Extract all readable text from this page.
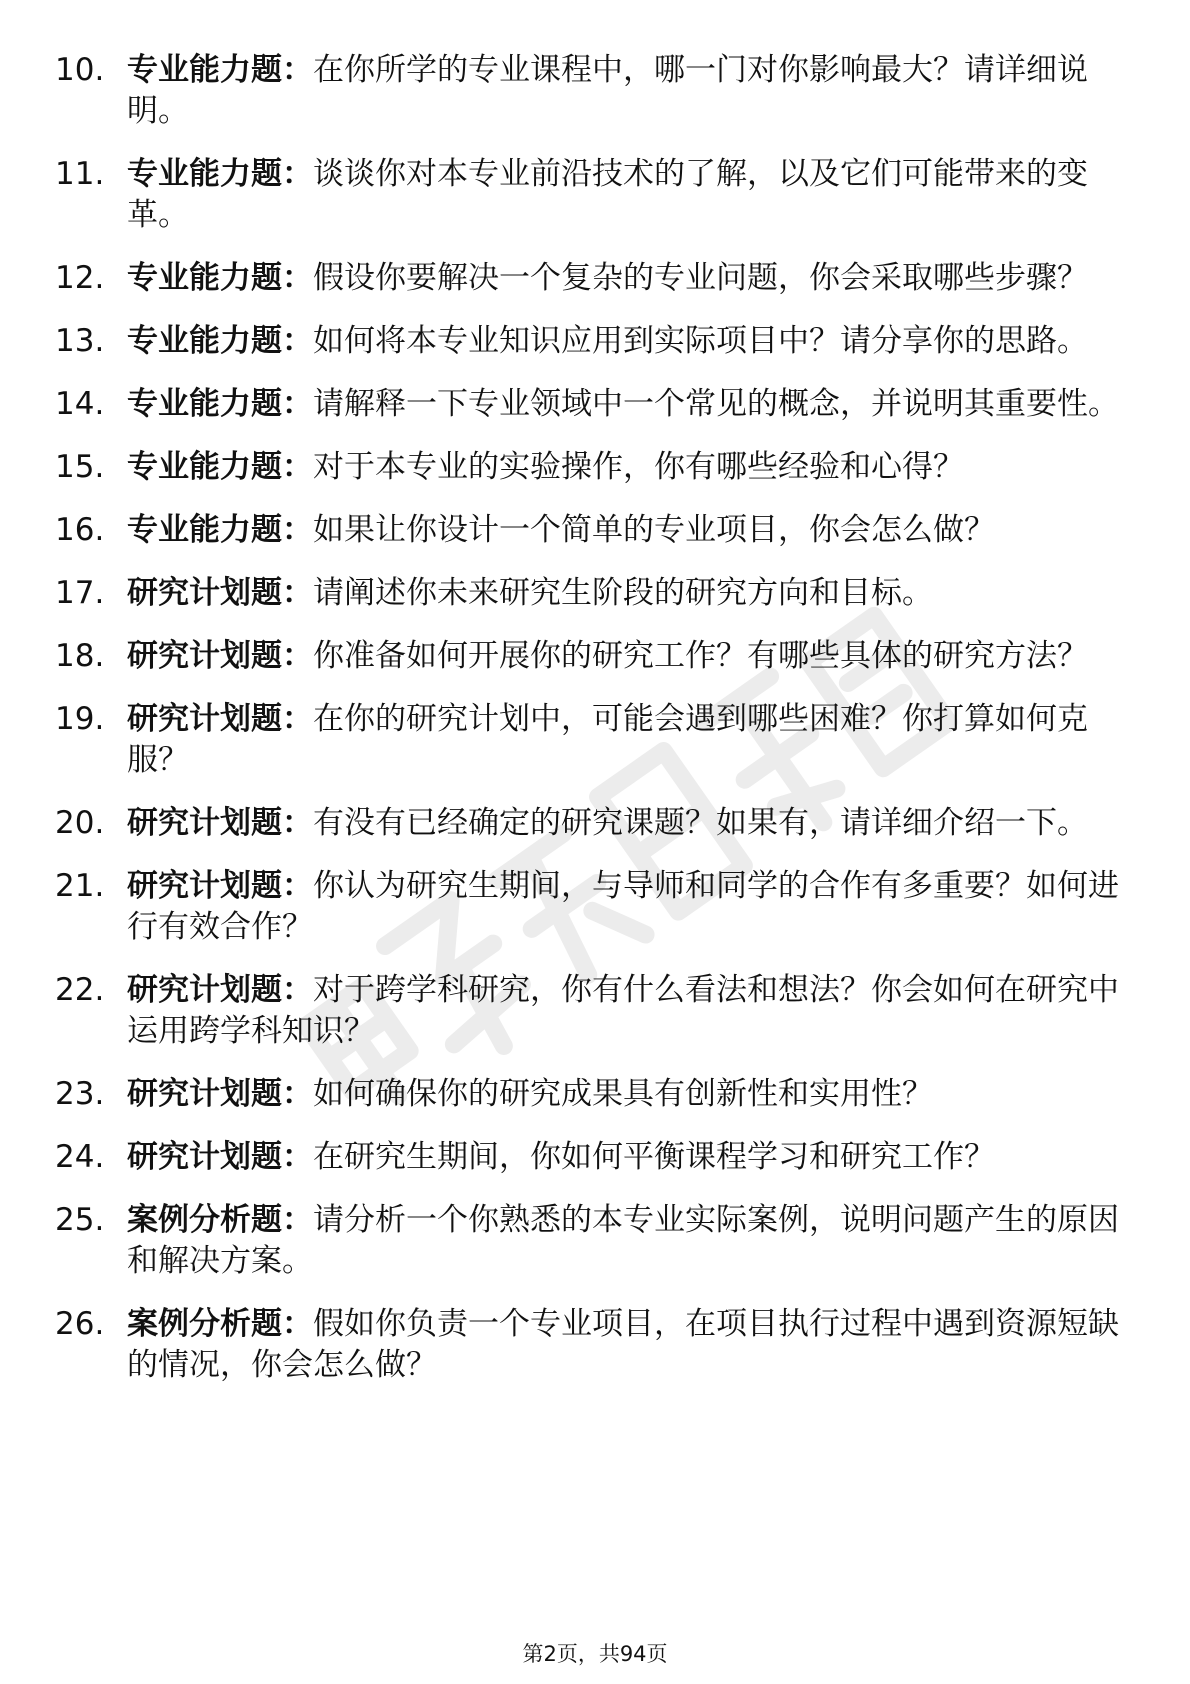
10. 专业能力题：在你所学的专业课程中，哪一门对你影响最大？请详细说明。
11. 专业能力题：谈谈你对本专业前沿技术的了解，以及它们可能带来的变革。
12. 专业能力题：假设你要解决一个复杂的专业问题，你会采取哪些步骤？
13. 专业能力题：如何将本专业知识应用到实际项目中？请分享你的思路。
14. 专业能力题：请解释一下专业领域中一个常见的概念，并说明其重要性。
15. 专业能力题：对于本专业的实验操作，你有哪些经验和心得？
16. 专业能力题：如果让你设计一个简单的专业项目，你会怎么做？
17. 研究计划题：请阐述你未来研究生阶段的研究方向和目标。
18. 研究计划题：你准备如何开展你的研究工作？有哪些具体的研究方法？
19. 研究计划题：在你的研究计划中，可能会遇到哪些困难？你打算如何克服？
20. 研究计划题：有没有已经确定的研究课题？如果有，请详细介绍一下。
21. 研究计划题：你认为研究生期间，与导师和同学的合作有多重要？如何进行有效合作？
22. 研究计划题：对于跨学科研究，你有什么看法和想法？你会如何在研究中运用跨学科知识？
23. 研究计划题：如何确保你的研究成果具有创新性和实用性？
24. 研究计划题：在研究生期间，你如何平衡课程学习和研究工作？
25. 案例分析题：请分析一个你熟悉的本专业实际案例，说明问题产生的原因和解决方案。
26. 案例分析题：假如你负责一个专业项目，在项目执行过程中遇到资源短缺的情况，你会怎么做？
第2页，共94页
